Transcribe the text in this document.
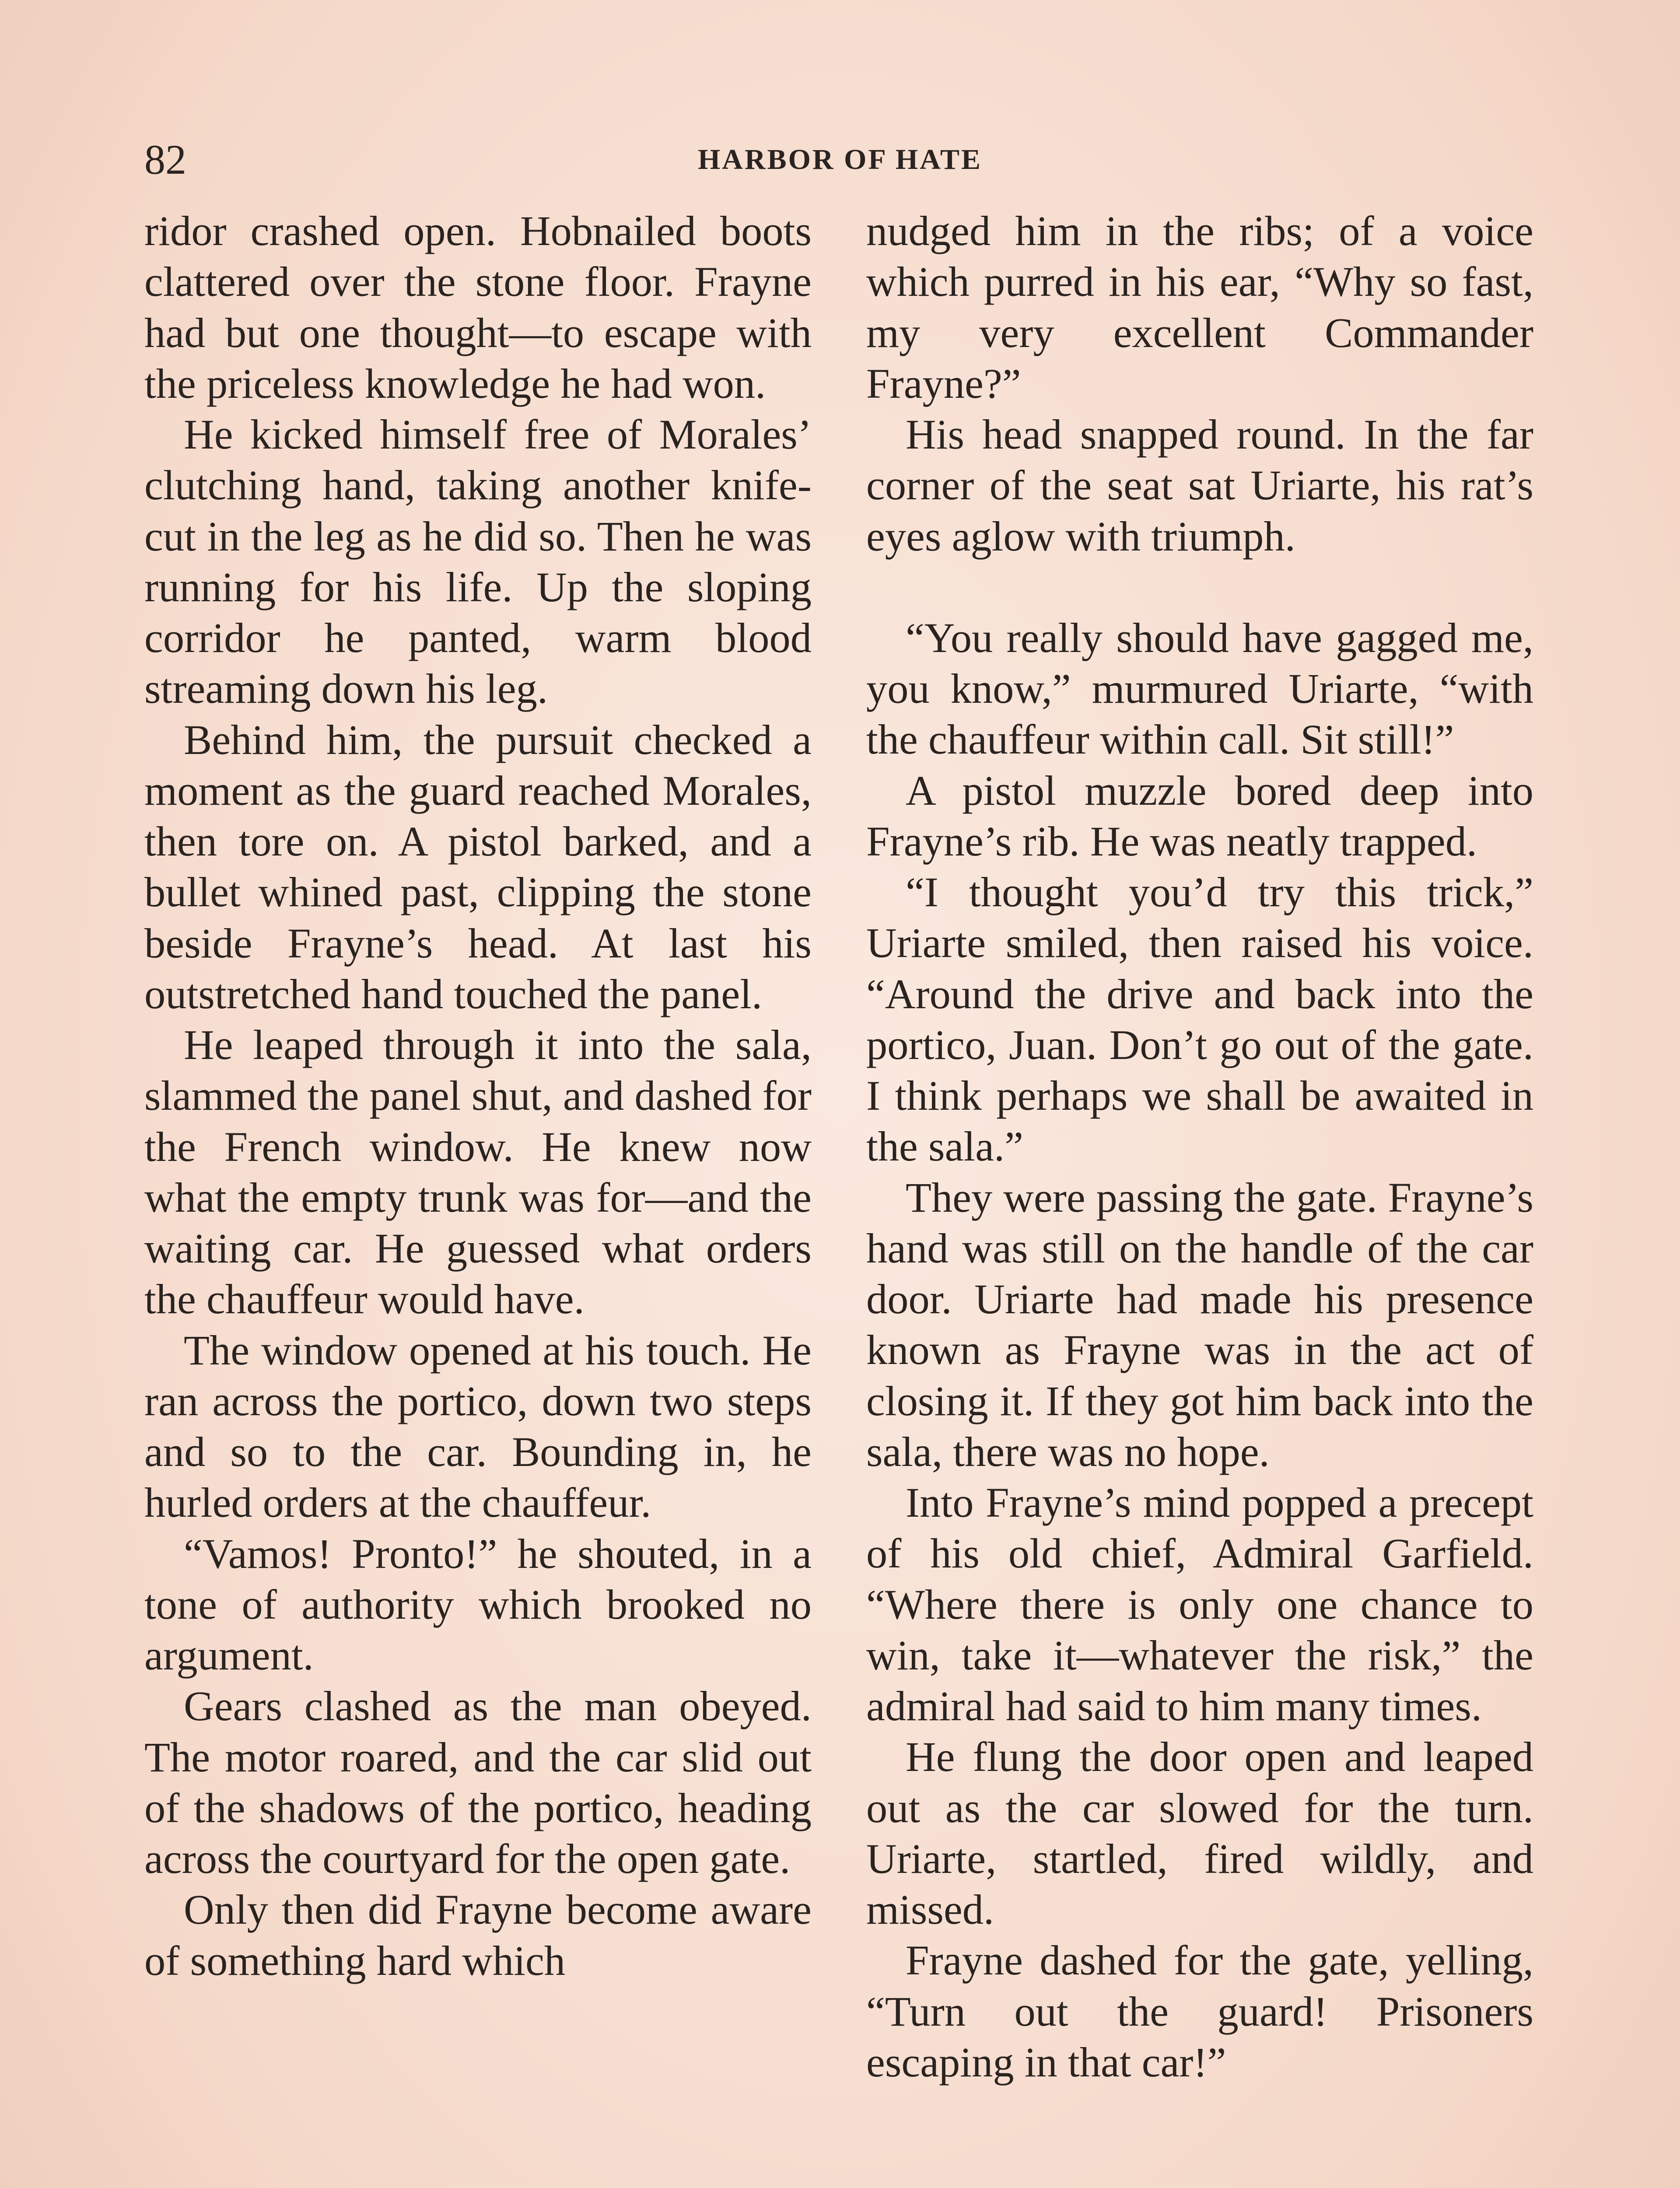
82	HARBOR OF HATE

ridor crashed open. Hobnailed boots clattered over the stone floor. Frayne had but one thought—to escape with the priceless knowledge he had won.

He kicked himself free of Morales’ clutching hand, taking another knife-cut in the leg as he did so. Then he was running for his life. Up the sloping corridor he panted, warm blood streaming down his leg.

Behind him, the pursuit checked a moment as the guard reached Morales, then tore on. A pistol barked, and a bullet whined past, clipping the stone beside Frayne’s head. At last his outstretched hand touched the panel.

He leaped through it into the sala, slammed the panel shut, and dashed for the French window. He knew now what the empty trunk was for—and the waiting car. He guessed what orders the chauffeur would have.

The window opened at his touch. He ran across the portico, down two steps and so to the car. Bounding in, he hurled orders at the chauffeur.

“Vamos! Pronto!” he shouted, in a tone of authority which brooked no argument.

Gears clashed as the man obeyed. The motor roared, and the car slid out of the shadows of the portico, heading across the courtyard for the open gate.

Only then did Frayne become aware of something hard which

nudged him in the ribs; of a voice which purred in his ear, “Why so fast, my very excellent Commander Frayne?”

His head snapped round. In the far corner of the seat sat Uriarte, his rat’s eyes aglow with triumph.

“You really should have gagged me, you know,” murmured Uriarte, “with the chauffeur within call. Sit still!”

A pistol muzzle bored deep into Frayne’s rib. He was neatly trapped.

“I thought you’d try this trick,” Uriarte smiled, then raised his voice. “Around the drive and back into the portico, Juan. Don’t go out of the gate. I think perhaps we shall be awaited in the sala.”

They were passing the gate. Frayne’s hand was still on the handle of the car door. Uriarte had made his presence known as Frayne was in the act of closing it. If they got him back into the sala, there was no hope.

Into Frayne’s mind popped a precept of his old chief, Admiral Garfield. “Where there is only one chance to win, take it—whatever the risk,” the admiral had said to him many times.

He flung the door open and leaped out as the car slowed for the turn. Uriarte, startled, fired wildly, and missed.

Frayne dashed for the gate, yelling, “Turn out the guard! Prisoners escaping in that car!”
